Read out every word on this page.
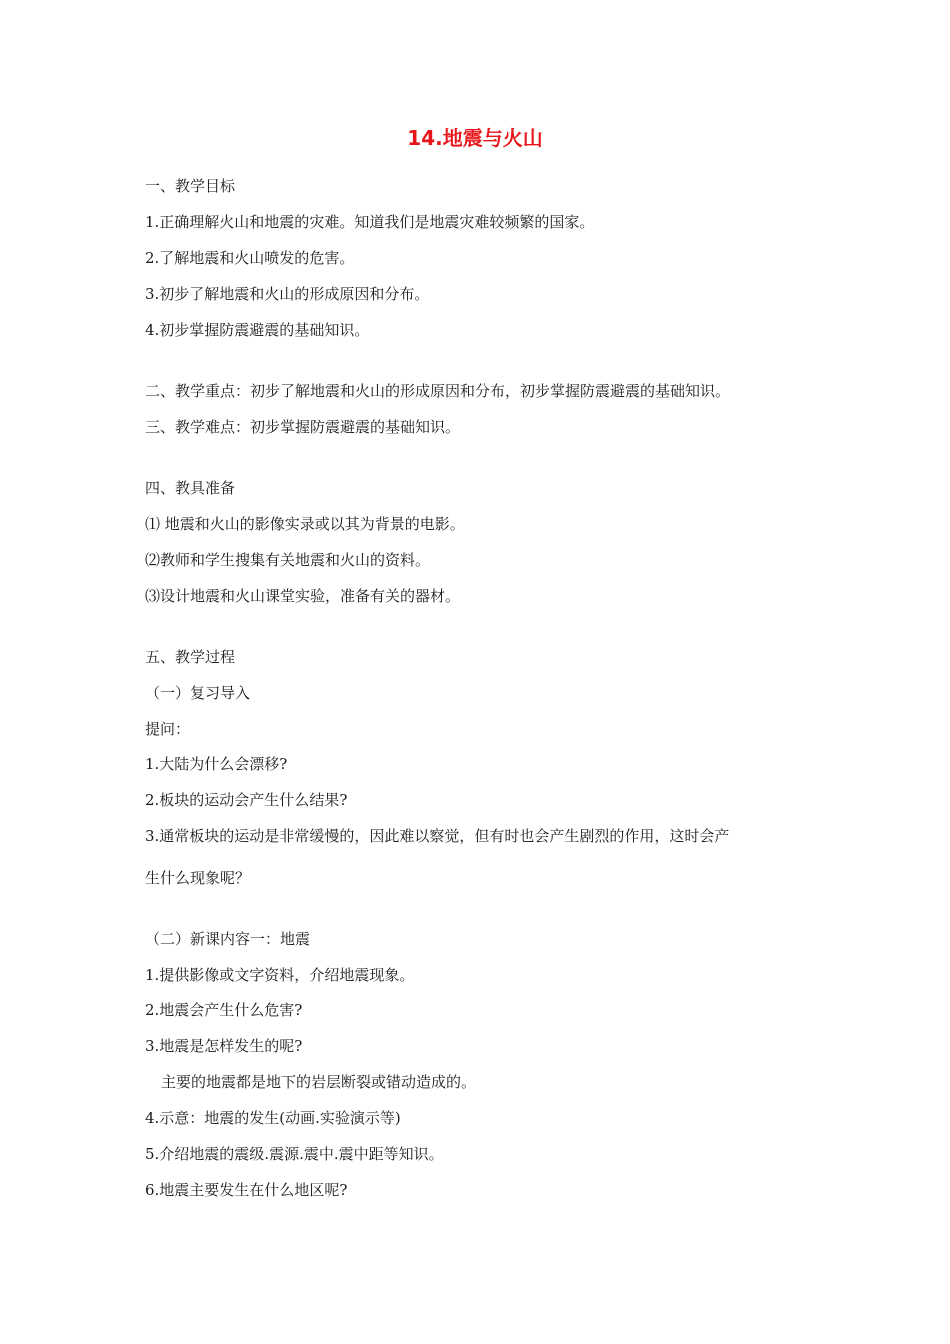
14.地震与火山
一、教学目标
1.正确理解火山和地震的灾难。知道我们是地震灾难较频繁的国家。
2.了解地震和火山喷发的危害。
3.初步了解地震和火山的形成原因和分布。
4.初步掌握防震避震的基础知识。
二、教学重点：初步了解地震和火山的形成原因和分布，初步掌握防震避震的基础知识。
三、教学难点：初步掌握防震避震的基础知识。
四、教具准备
⑴ 地震和火山的影像实录或以其为背景的电影。
⑵教师和学生搜集有关地震和火山的资料。
⑶设计地震和火山课堂实验，准备有关的器材。
五、教学过程
（一）复习导入
提问：
1.大陆为什么会漂移?
2.板块的运动会产生什么结果?
3.通常板块的运动是非常缓慢的，因此难以察觉，但有时也会产生剧烈的作用，这时会产
生什么现象呢？
（二）新课内容一：地震
1.提供影像或文字资料，介绍地震现象。
2.地震会产生什么危害?
3.地震是怎样发生的呢?
主要的地震都是地下的岩层断裂或错动造成的。
4.示意：地震的发生(动画.实验演示等)
5.介绍地震的震级.震源.震中.震中距等知识。
6.地震主要发生在什么地区呢?
